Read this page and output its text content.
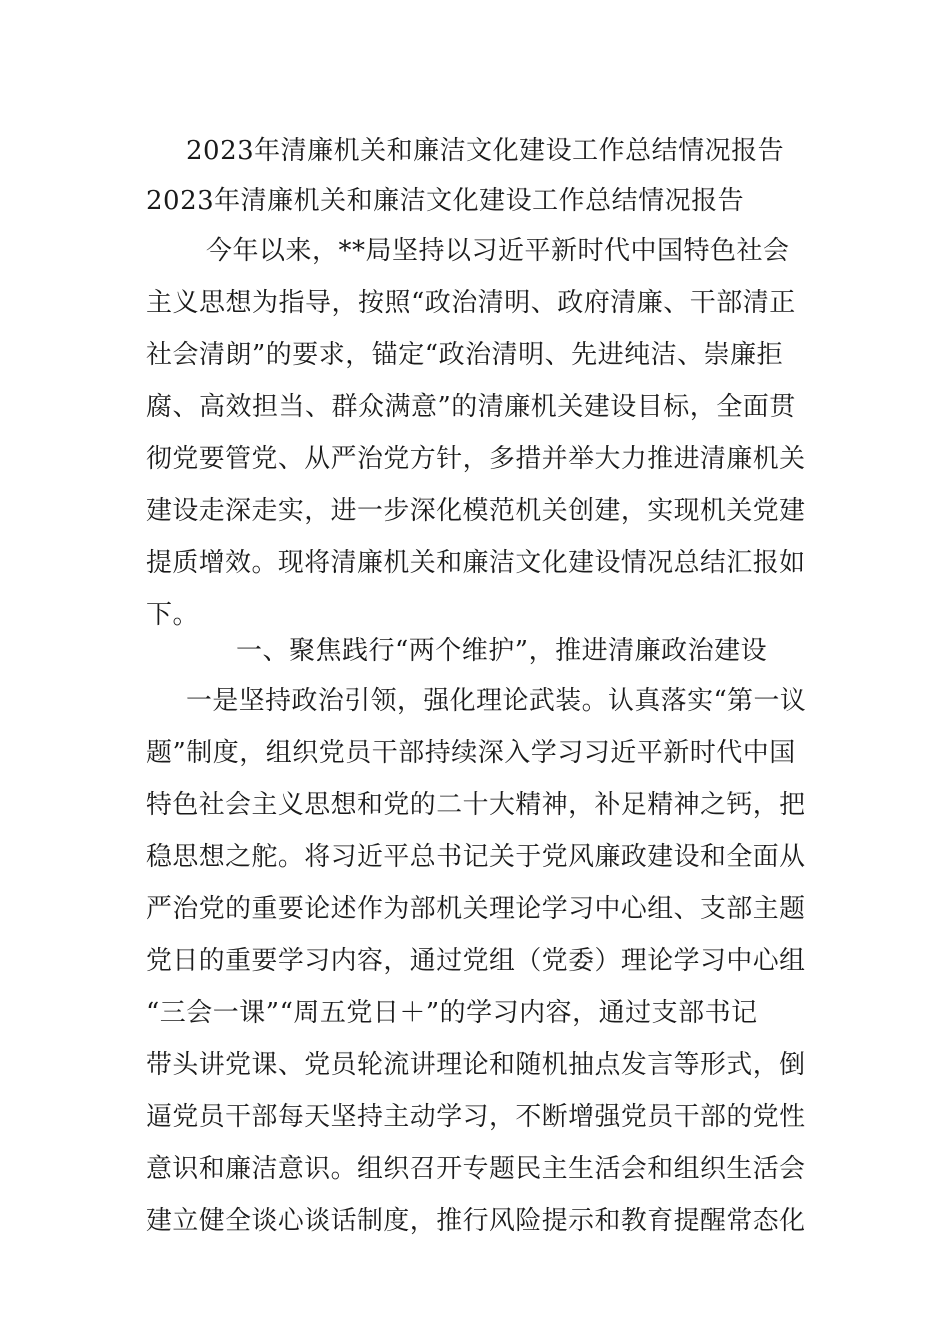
2023年清廉机关和廉洁文化建设工作总结情况报告
2023年清廉机关和廉洁文化建设工作总结情况报告
今年以来，**局坚持以习近平新时代中国特色社会
主义思想为指导，按照“政治清明、政府清廉、干部清正
社会清朗”的要求，锚定“政治清明、先进纯洁、崇廉拒
腐、高效担当、群众满意”的清廉机关建设目标，全面贯
彻党要管党、从严治党方针，多措并举大力推进清廉机关
建设走深走实，进一步深化模范机关创建，实现机关党建
提质增效。现将清廉机关和廉洁文化建设情况总结汇报如
下。
一、聚焦践行“两个维护”，推进清廉政治建设
一是坚持政治引领，强化理论武装。认真落实“第一议
题”制度，组织党员干部持续深入学习习近平新时代中国
特色社会主义思想和党的二十大精神，补足精神之钙，把
稳思想之舵。将习近平总书记关于党风廉政建设和全面从
严治党的重要论述作为部机关理论学习中心组、支部主题
党日的重要学习内容，通过党组（党委）理论学习中心组
“三会一课”“周五党日＋”的学习内容，通过支部书记
带头讲党课、党员轮流讲理论和随机抽点发言等形式，倒
逼党员干部每天坚持主动学习，不断增强党员干部的党性
意识和廉洁意识。组织召开专题民主生活会和组织生活会
建立健全谈心谈话制度，推行风险提示和教育提醒常态化
